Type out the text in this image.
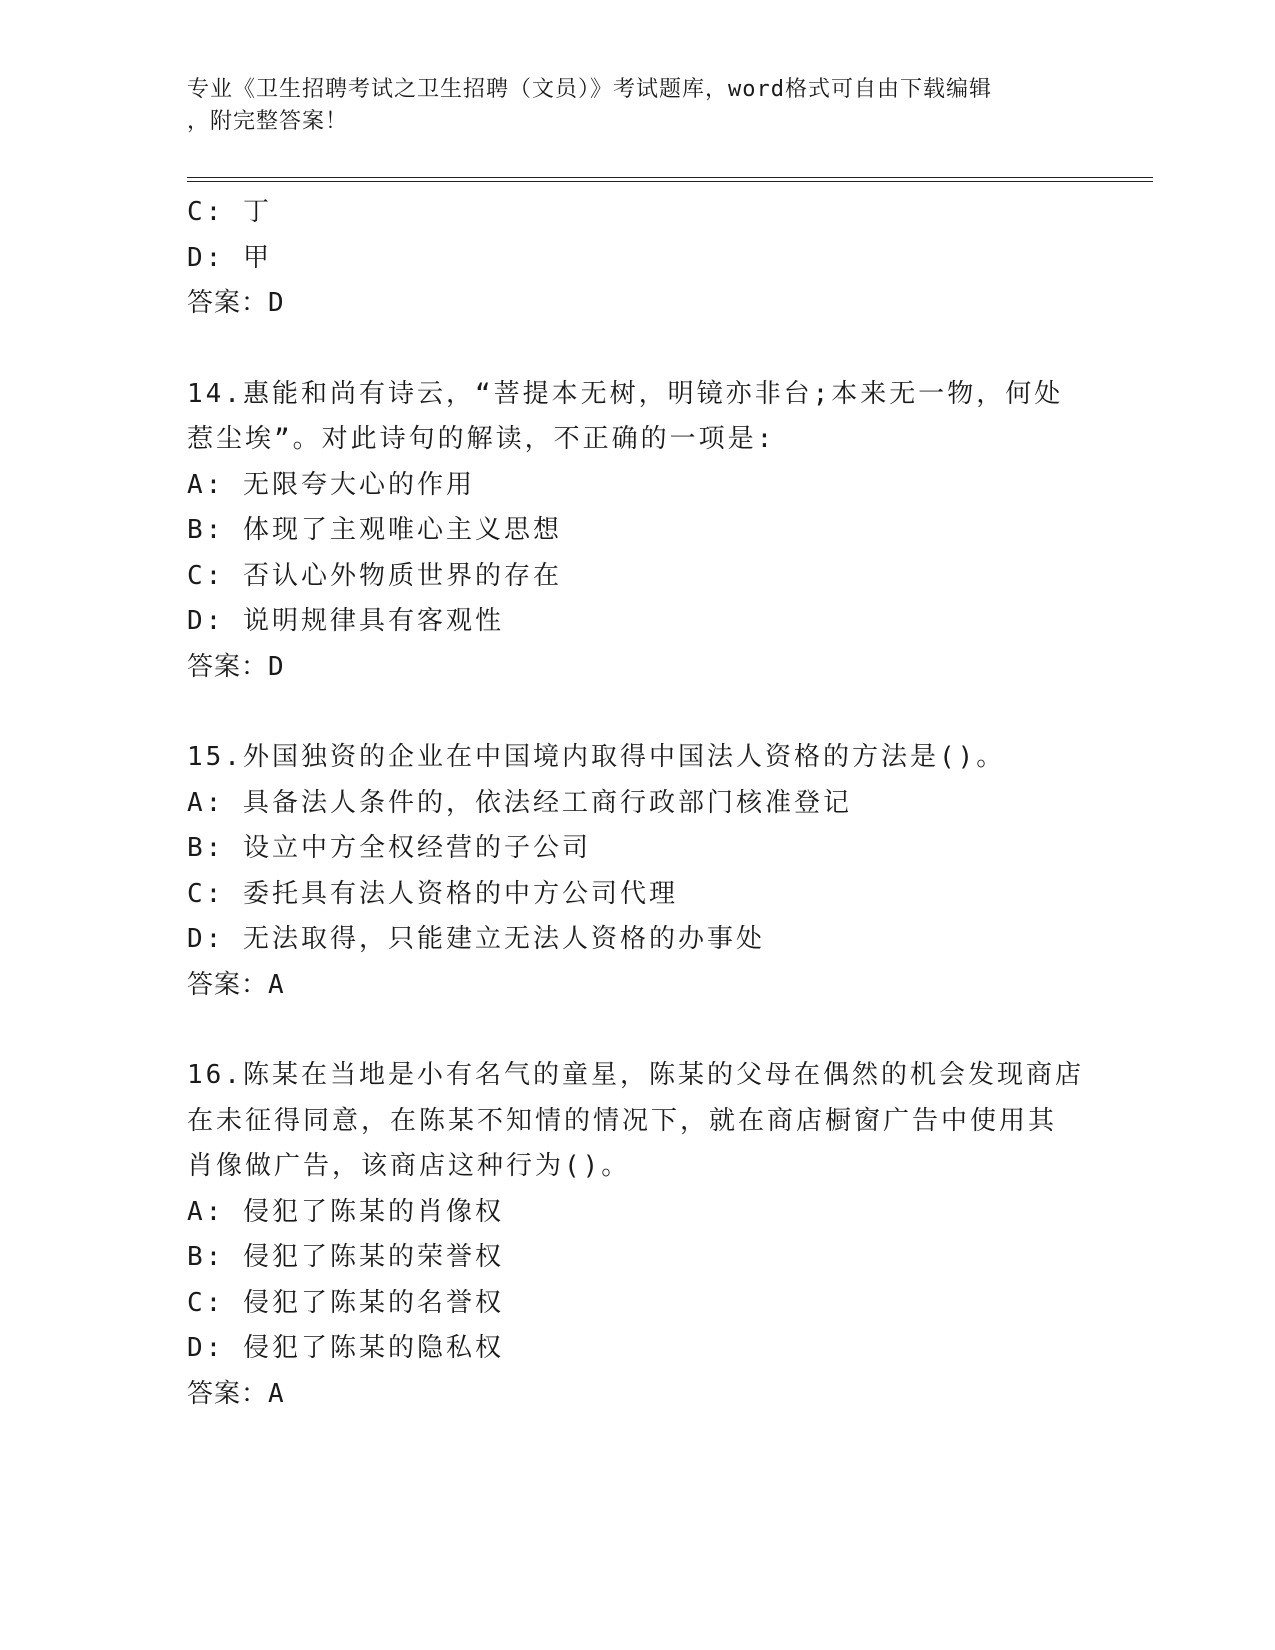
专业《卫生招聘考试之卫生招聘（文员）》考试题库，word格式可自由下载编辑
，附完整答案！
C: 丁
D: 甲
答案：D
14.惠能和尚有诗云，“菩提本无树，明镜亦非台;本来无一物，何处
惹尘埃”。对此诗句的解读，不正确的一项是:
A: 无限夸大心的作用
B: 体现了主观唯心主义思想
C: 否认心外物质世界的存在
D: 说明规律具有客观性
答案：D
15.外国独资的企业在中国境内取得中国法人资格的方法是()。
A: 具备法人条件的，依法经工商行政部门核准登记
B: 设立中方全权经营的子公司
C: 委托具有法人资格的中方公司代理
D: 无法取得，只能建立无法人资格的办事处
答案：A
16.陈某在当地是小有名气的童星，陈某的父母在偶然的机会发现商店
在未征得同意，在陈某不知情的情况下，就在商店橱窗广告中使用其
肖像做广告，该商店这种行为()。
A: 侵犯了陈某的肖像权
B: 侵犯了陈某的荣誉权
C: 侵犯了陈某的名誉权
D: 侵犯了陈某的隐私权
答案：A
